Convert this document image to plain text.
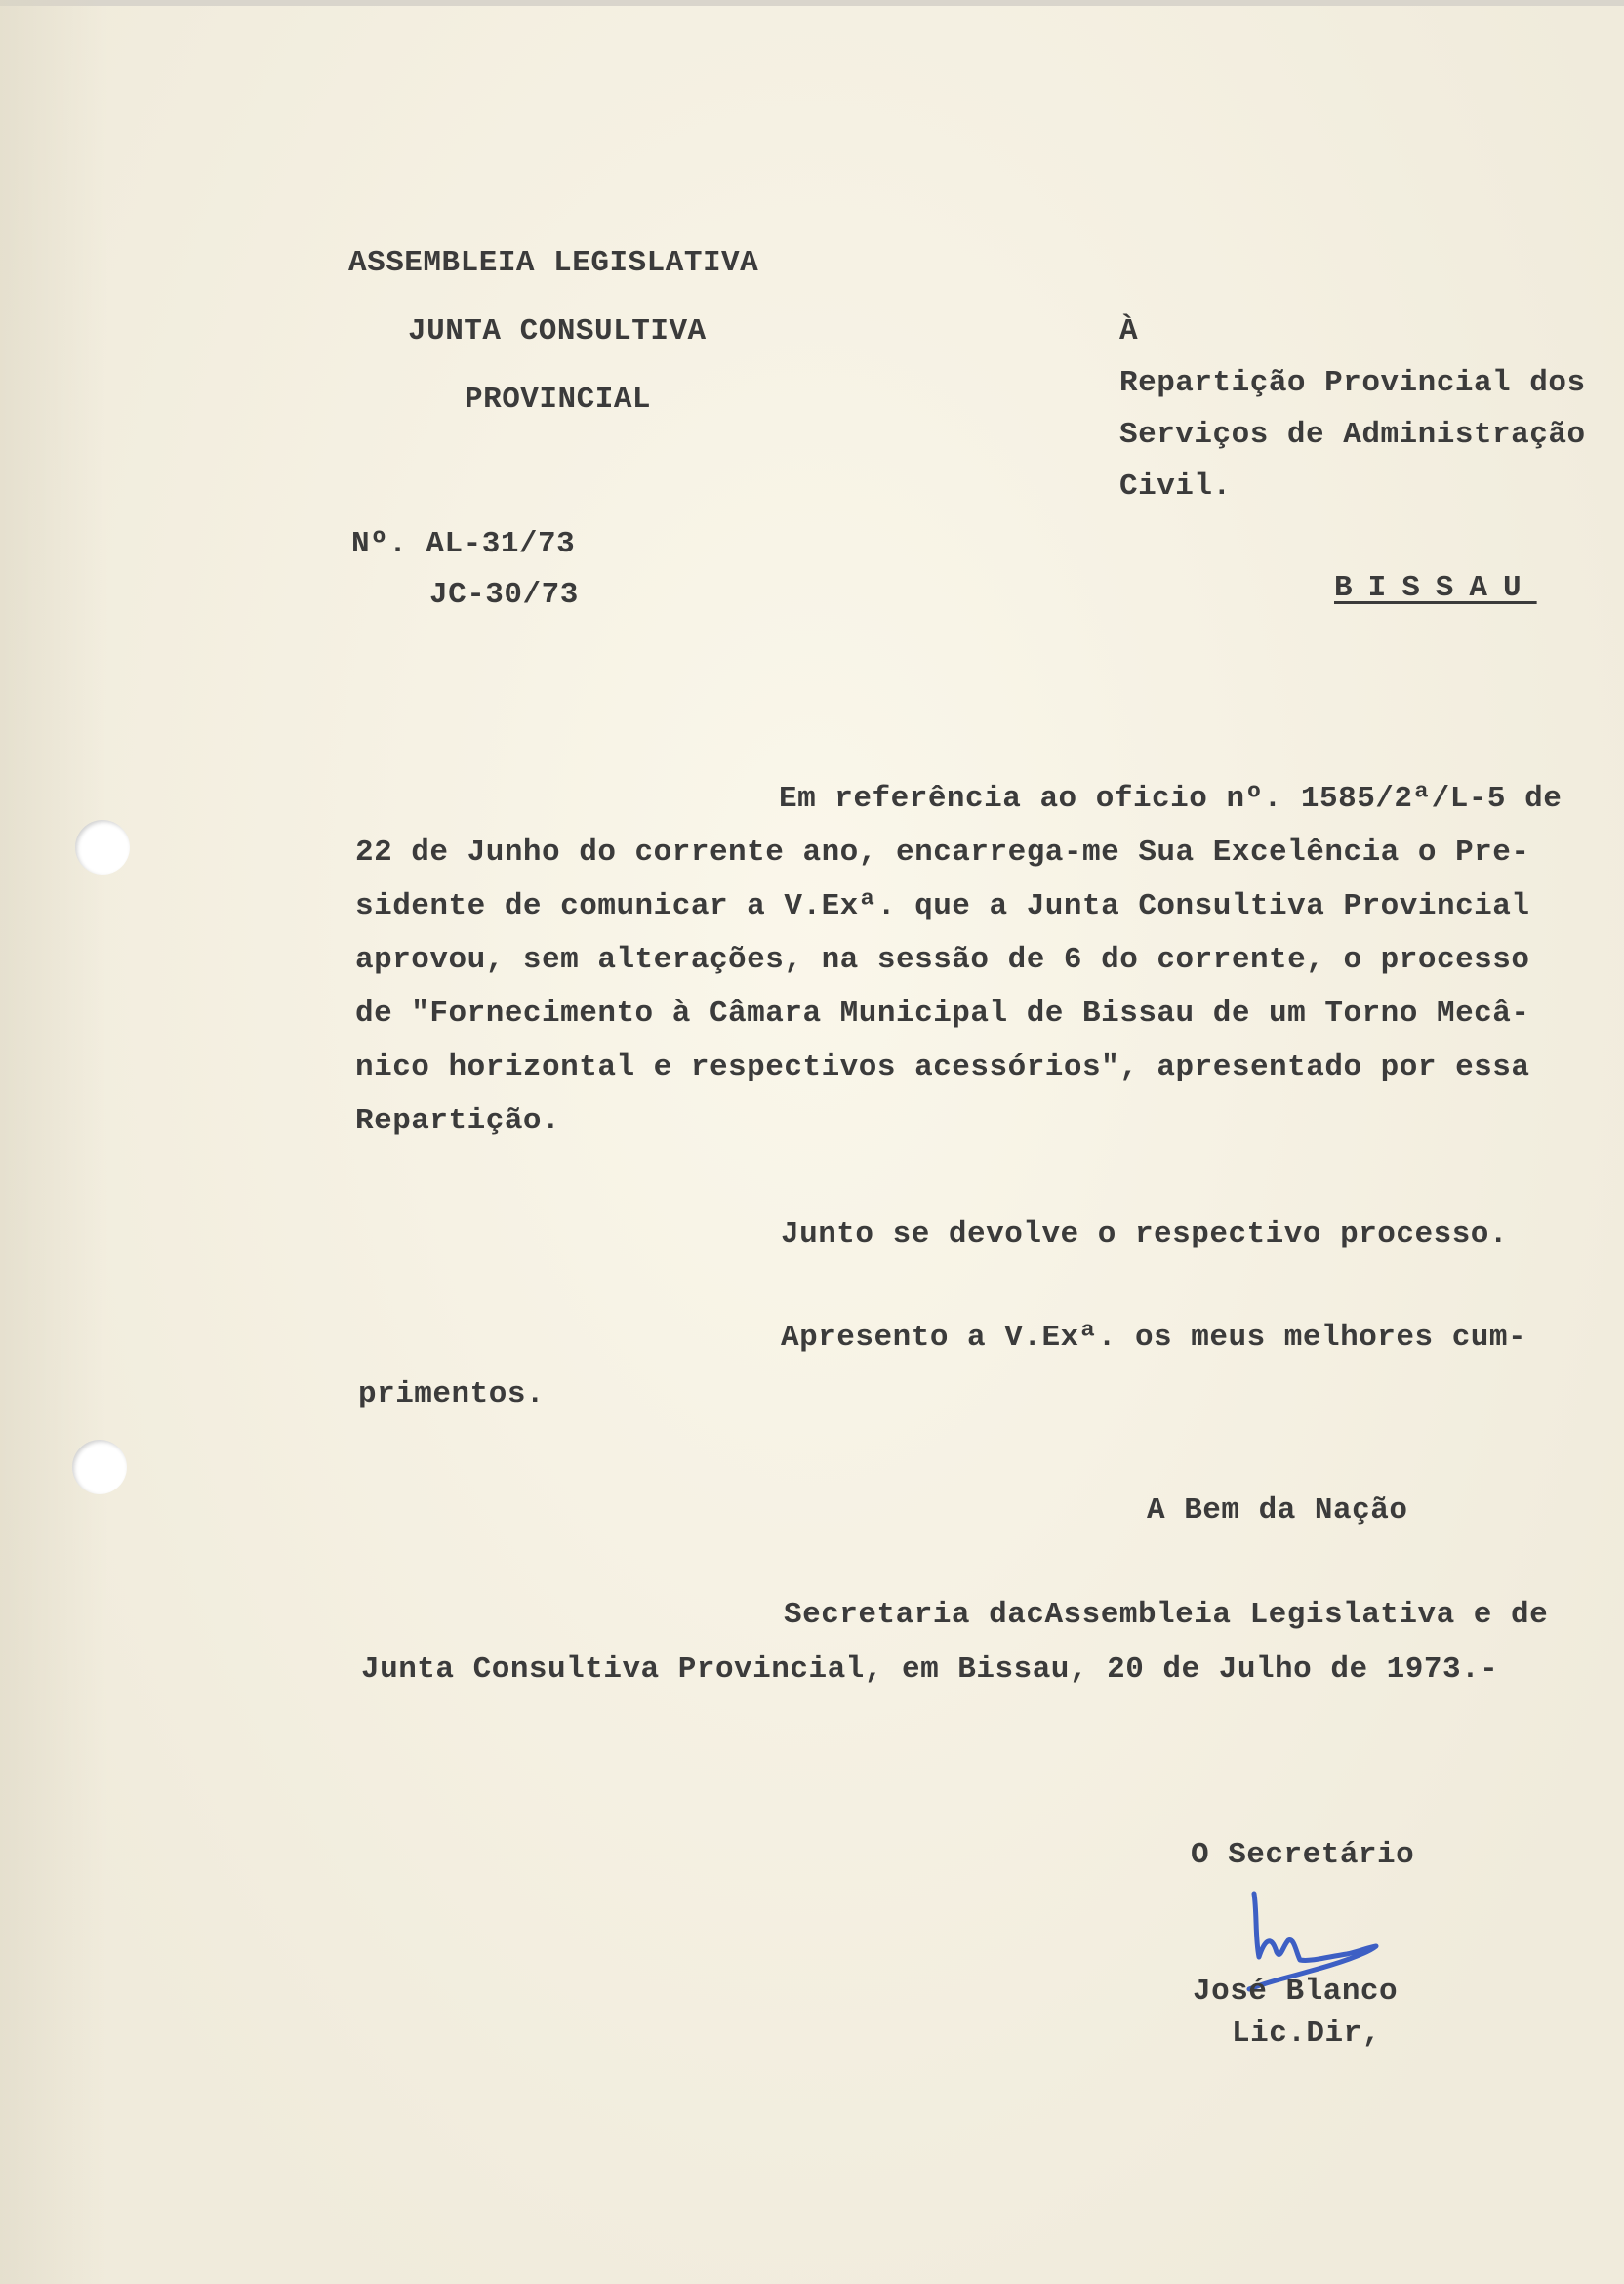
ASSEMBLEIA LEGISLATIVA

JUNTA CONSULTIVA

PROVINCIAL

Nº. AL-31/73

JC-30/73

À

Repartição Provincial dos

Serviços de Administração

Civil.

BISSAU

Em referência ao oficio nº. 1585/2ª/L-5 de

22 de Junho do corrente ano, encarrega-me Sua Excelência o Pre-

sidente de comunicar a V.Exª. que a Junta Consultiva Provincial

aprovou, sem alterações, na sessão de 6 do corrente, o processo

de "Fornecimento à Câmara Municipal de Bissau de um Torno Mecâ-

nico horizontal e respectivos acessórios", apresentado por essa

Repartição.

Junto se devolve o respectivo processo.

Apresento a V.Exª. os meus melhores cum-

primentos.

A Bem da Nação

Secretaria dacAssembleia Legislativa e de

Junta Consultiva Provincial, em Bissau, 20 de Julho de 1973.-

O Secretário

José Blanco

Lic.Dir,
